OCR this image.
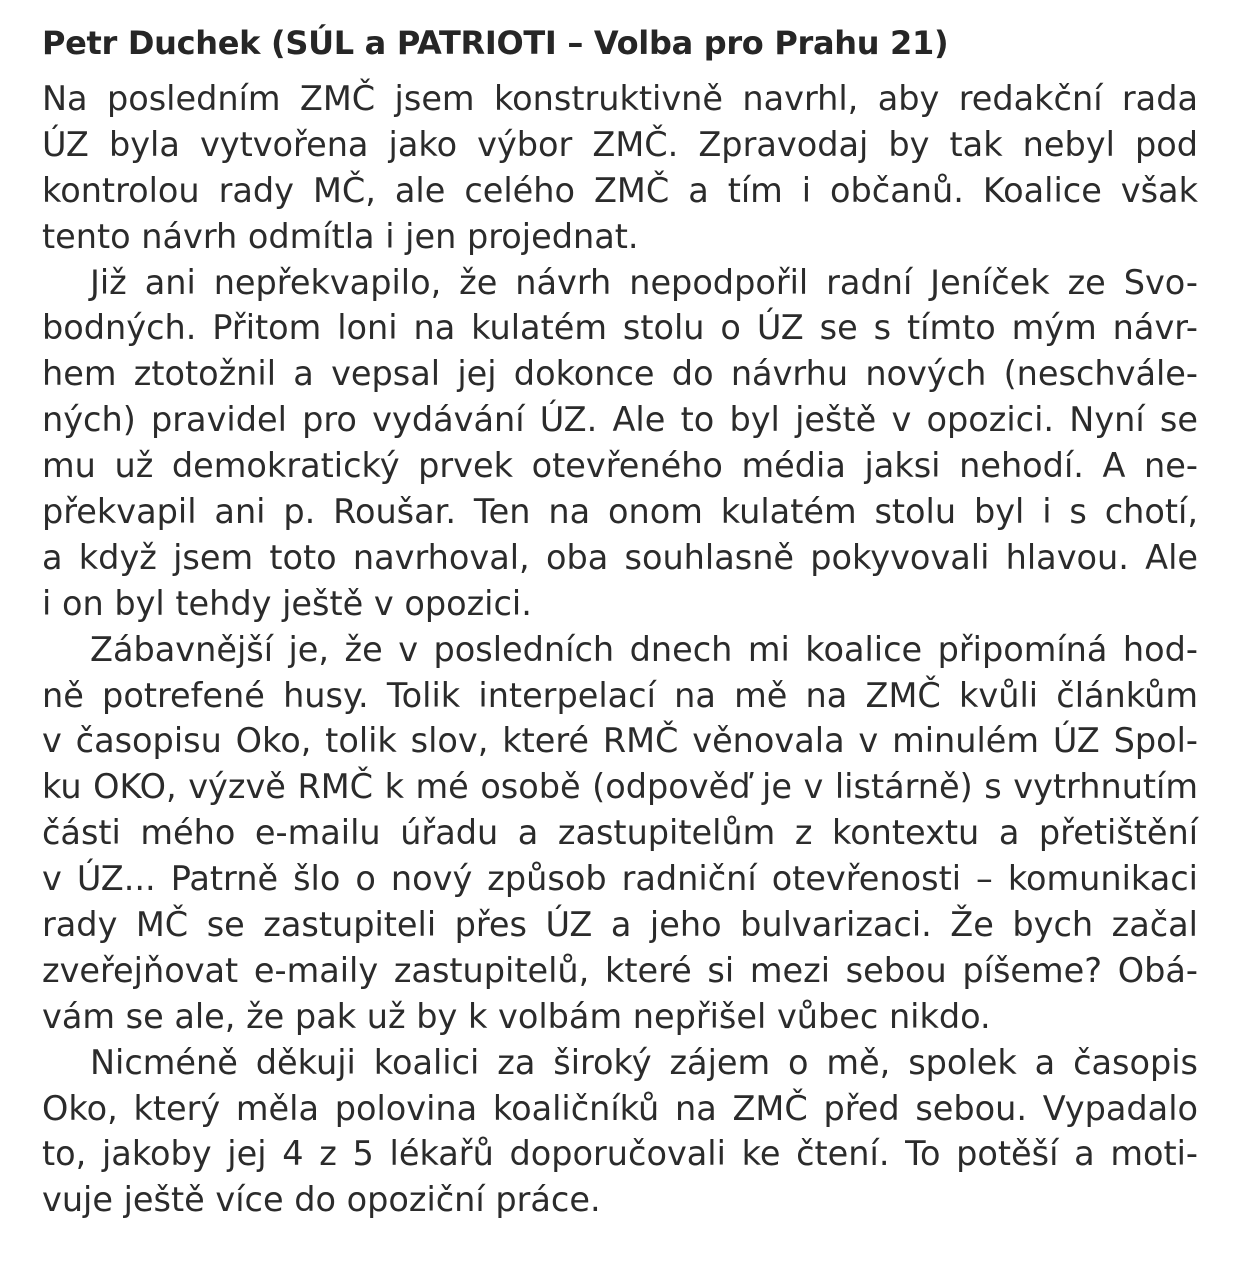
Petr Duchek (SÚL a PATRIOTI – Volba pro Prahu 21)
Na posledním ZMČ jsem konstruktivně navrhl, aby redakční rada
ÚZ byla vytvořena jako výbor ZMČ. Zpravodaj by tak nebyl pod
kontrolou rady MČ, ale celého ZMČ a tím i občanů. Koalice však
tento návrh odmítla i jen projednat.
Již ani nepřekvapilo, že návrh nepodpořil radní Jeníček ze Svo-
bodných. Přitom loni na kulatém stolu o ÚZ se s tímto mým návr-
hem ztotožnil a vepsal jej dokonce do návrhu nových (neschvále-
ných) pravidel pro vydávání ÚZ. Ale to byl ještě v opozici. Nyní se
mu už demokratický prvek otevřeného média jaksi nehodí. A ne-
překvapil ani p. Roušar. Ten na onom kulatém stolu byl i s chotí,
a když jsem toto navrhoval, oba souhlasně pokyvovali hlavou. Ale
i on byl tehdy ještě v opozici.
Zábavnější je, že v posledních dnech mi koalice připomíná hod-
ně potrefené husy. Tolik interpelací na mě na ZMČ kvůli článkům
v časopisu Oko, tolik slov, které RMČ věnovala v minulém ÚZ Spol-
ku OKO, výzvě RMČ k mé osobě (odpověď je v listárně) s vytrhnutím
části mého e-mailu úřadu a zastupitelům z kontextu a přetištění
v ÚZ... Patrně šlo o nový způsob radniční otevřenosti – komunikaci
rady MČ se zastupiteli přes ÚZ a jeho bulvarizaci. Že bych začal
zveřejňovat e-maily zastupitelů, které si mezi sebou píšeme? Obá-
vám se ale, že pak už by k volbám nepřišel vůbec nikdo.
Nicméně děkuji koalici za široký zájem o mě, spolek a časopis
Oko, který měla polovina koaličníků na ZMČ před sebou. Vypadalo
to, jakoby jej 4 z 5 lékařů doporučovali ke čtení. To potěší a moti-
vuje ještě více do opoziční práce.
